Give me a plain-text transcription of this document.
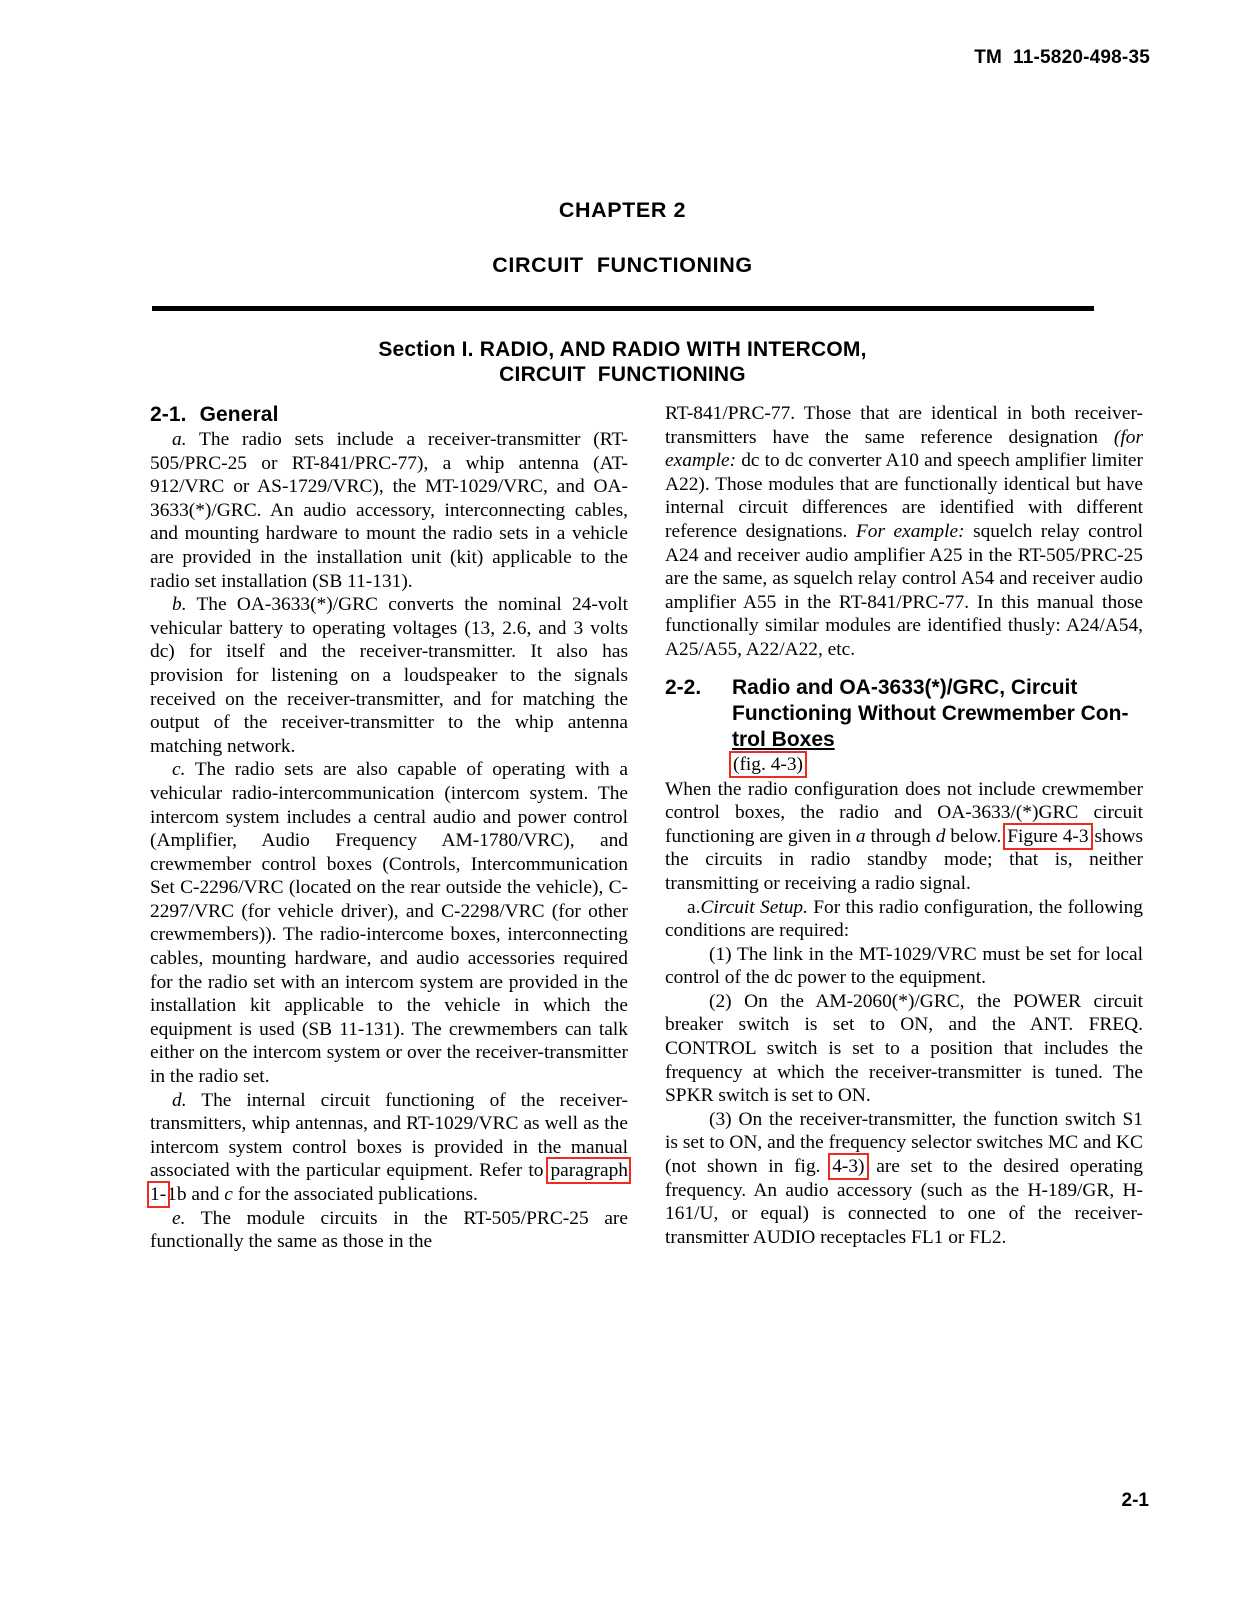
TM  11-5820-498-35
CHAPTER 2
CIRCUIT  FUNCTIONING
Section I. RADIO, AND RADIO WITH INTERCOM,
CIRCUIT  FUNCTIONING
2-1. General

a. The radio sets include a receiver-transmitter (RT-505/PRC-25 or RT-841/PRC-77), a whip antenna (AT-912/VRC or AS-1729/VRC), the MT-1029/VRC, and OA-3633(*)/GRC. An audio accessory, interconnecting cables, and mounting hardware to mount the radio sets in a vehicle are provided in the installation unit (kit) applicable to the radio set installation (SB 11-131).

b. The OA-3633(*)/GRC converts the nominal 24-volt vehicular battery to operating voltages (13, 2.6, and 3 volts dc) for itself and the receiver-transmitter. It also has provision for listening on a loudspeaker to the signals received on the receiver-transmitter, and for matching the output of the receiver-transmitter to the whip antenna matching network.

c. The radio sets are also capable of operating with a vehicular radio-intercommunication (intercom system. The intercom system includes a central audio and power control (Amplifier, Audio Frequency AM-1780/VRC), and crewmember control boxes (Controls, Intercommunication Set C-2296/VRC (located on the rear outside the vehicle), C-2297/VRC (for vehicle driver), and C-2298/VRC (for other crewmembers)). The radio-intercome boxes, interconnecting cables, mounting hardware, and audio accessories required for the radio set with an intercom system are provided in the installation kit applicable to the vehicle in which the equipment is used (SB 11-131). The crewmembers can talk either on the intercom system or over the receiver-transmitter in the radio set.

d. The internal circuit functioning of the receiver-transmitters, whip antennas, and RT-1029/VRC as well as the intercom system control boxes is provided in the manual associated with the particular equipment. Refer to paragraph 1-1b and c for the associated publications.

e. The module circuits in the RT-505/PRC-25 are functionally the same as those in the

RT-841/PRC-77. Those that are identical in both receiver-transmitters have the same reference designation (for example: dc to dc converter A10 and speech amplifier limiter A22). Those modules that are functionally identical but have internal circuit differences are identified with different reference designations. For example: squelch relay control A24 and receiver audio amplifier A25 in the RT-505/PRC-25 are the same, as squelch relay control A54 and receiver audio amplifier A55 in the RT-841/PRC-77. In this manual those functionally similar modules are identified thusly: A24/A54, A25/A55, A22/A22, etc.

2-2. Radio and OA-3633(*)/GRC, Circuit Functioning Without Crewmember Con- trol Boxes
(fig. 4-3)

When the radio configuration does not include crewmember control boxes, the radio and OA-3633/(*)GRC circuit functioning are given in a through d below. Figure 4-3 shows the circuits in radio standby mode; that is, neither transmitting or receiving a radio signal.

a.Circuit Setup. For this radio configuration, the following conditions are required:

(1) The link in the MT-1029/VRC must be set for local control of the dc power to the equipment.

(2) On the AM-2060(*)/GRC, the POWER circuit breaker switch is set to ON, and the ANT. FREQ. CONTROL switch is set to a position that includes the frequency at which the receiver-transmitter is tuned. The SPKR switch is set to ON.

(3) On the receiver-transmitter, the function switch S1 is set to ON, and the frequency selector switches MC and KC (not shown in fig. 4-3) are set to the desired operating frequency. An audio accessory (such as the H-189/GR, H-161/U, or equal) is connected to one of the receiver-transmitter AUDIO receptacles FL1 or FL2.

2-1
